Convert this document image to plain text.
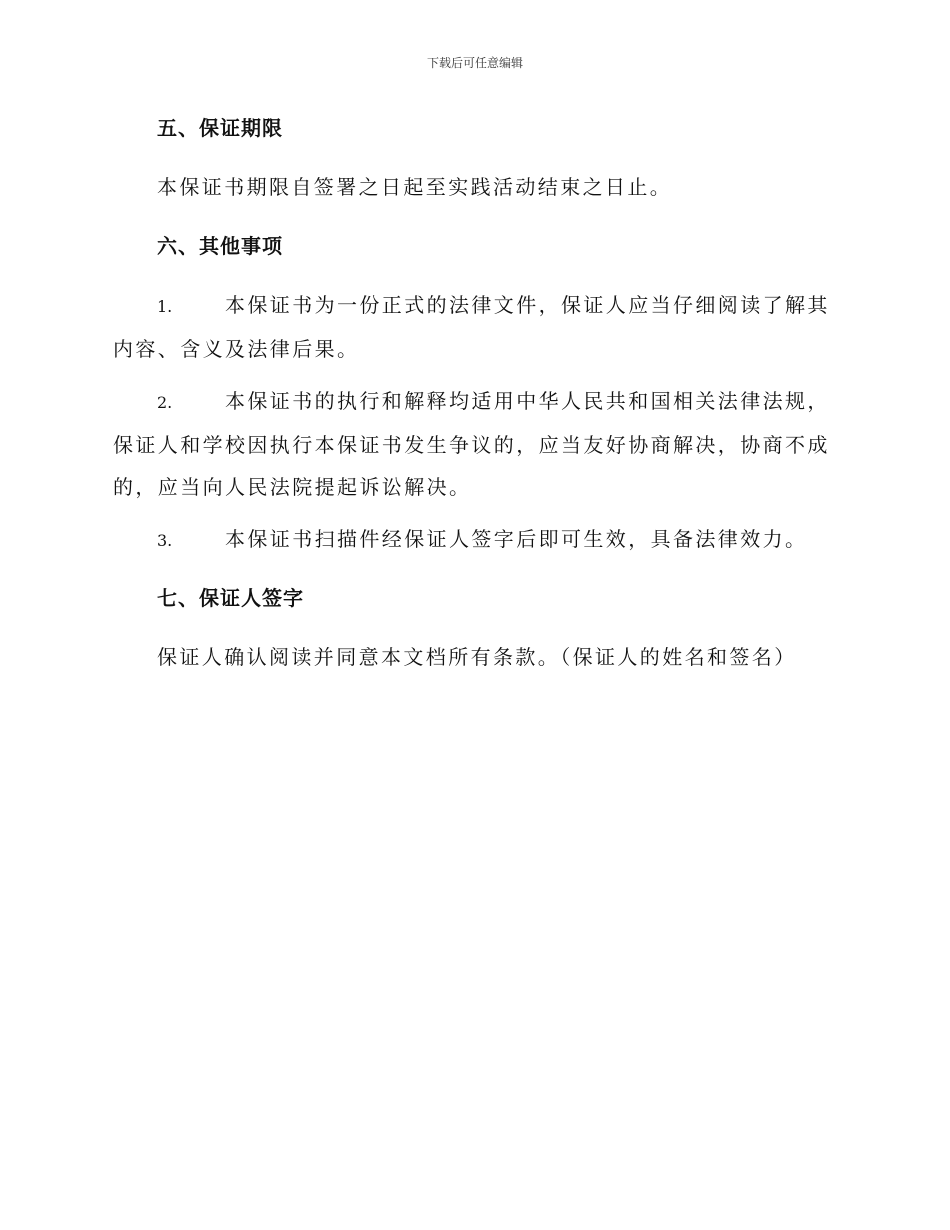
下载后可任意编辑

五、保证期限

本保证书期限自签署之日起至实践活动结束之日止。

六、其他事项

1.	本保证书为一份正式的法律文件，保证人应当仔细阅读了解其内容、含义及法律后果。

2.	本保证书的执行和解释均适用中华人民共和国相关法律法规，保证人和学校因执行本保证书发生争议的，应当友好协商解决，协商不成的，应当向人民法院提起诉讼解决。

3.	本保证书扫描件经保证人签字后即可生效，具备法律效力。

七、保证人签字

保证人确认阅读并同意本文档所有条款。（保证人的姓名和签名）
